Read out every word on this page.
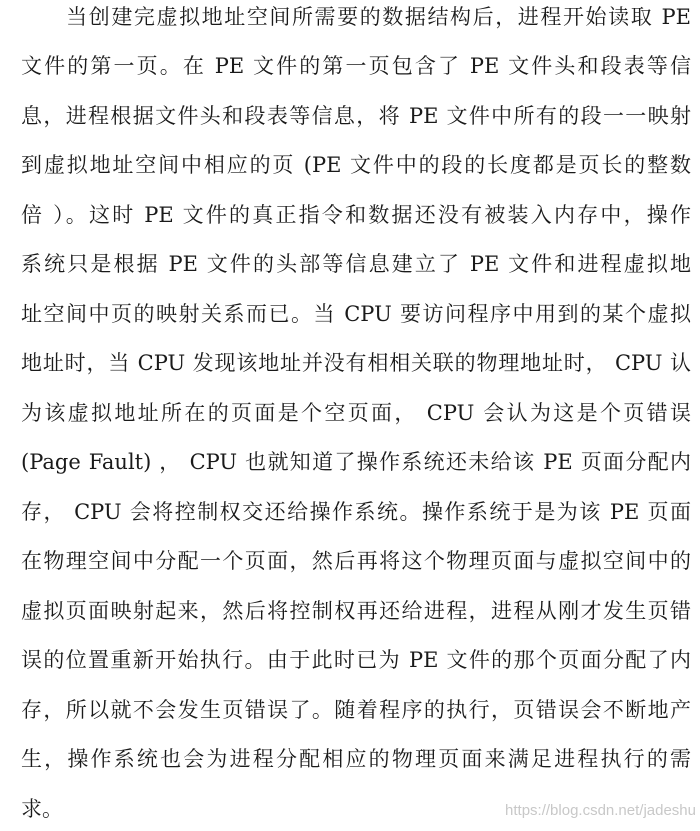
　　当创建完虚拟地址空间所需要的数据结构后，进程开始读取 PE
文件的第一页。在 PE 文件的第一页包含了 PE 文件头和段表等信
息，进程根据文件头和段表等信息，将 PE 文件中所有的段一一映射
到虚拟地址空间中相应的页 (PE 文件中的段的长度都是页长的整数
倍 ）。这时 PE 文件的真正指令和数据还没有被装入内存中，操作
系统只是根据 PE 文件的头部等信息建立了 PE 文件和进程虚拟地
址空间中页的映射关系而已。当 CPU 要访问程序中用到的某个虚拟
地址时，当 CPU 发现该地址并没有相相关联的物理地址时， CPU 认
为该虚拟地址所在的页面是个空页面， CPU 会认为这是个页错误
(Page Fault) ， CPU 也就知道了操作系统还未给该 PE 页面分配内
存， CPU 会将控制权交还给操作系统。操作系统于是为该 PE 页面
在物理空间中分配一个页面，然后再将这个物理页面与虚拟空间中的
虚拟页面映射起来，然后将控制权再还给进程，进程从刚才发生页错
误的位置重新开始执行。由于此时已为 PE 文件的那个页面分配了内
存，所以就不会发生页错误了。随着程序的执行，页错误会不断地产
生，操作系统也会为进程分配相应的物理页面来满足进程执行的需
求。	https://blog.csdn.net/jadeshu
